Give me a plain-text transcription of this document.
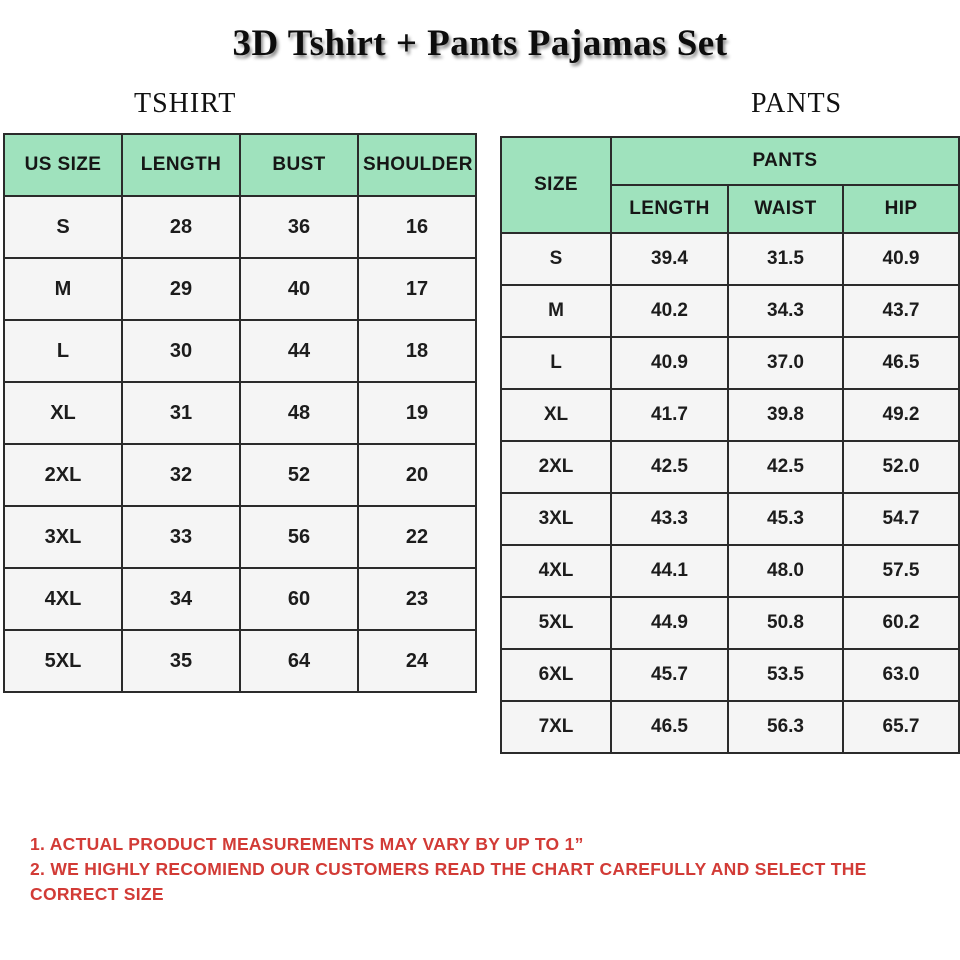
3D Tshirt + Pants Pajamas Set
TSHIRT	PANTS
US SIZE	LENGTH	BUST	SHOULDER
S	28	36	16
M	29	40	17
L	30	44	18
XL	31	48	19
2XL	32	52	20
3XL	33	56	22
4XL	34	60	23
5XL	35	64	24
SIZE	PANTS		
	LENGTH	WAIST	HIP
S	39.4	31.5	40.9
M	40.2	34.3	43.7
L	40.9	37.0	46.5
XL	41.7	39.8	49.2
2XL	42.5	42.5	52.0
3XL	43.3	45.3	54.7
4XL	44.1	48.0	57.5
5XL	44.9	50.8	60.2
6XL	45.7	53.5	63.0
7XL	46.5	56.3	65.7
1. ACTUAL PRODUCT MEASUREMENTS MAY VARY BY UP TO 1”
2. WE HIGHLY RECOMIEND OUR CUSTOMERS READ THE CHART CAREFULLY AND SELECT THE CORRECT SIZE
